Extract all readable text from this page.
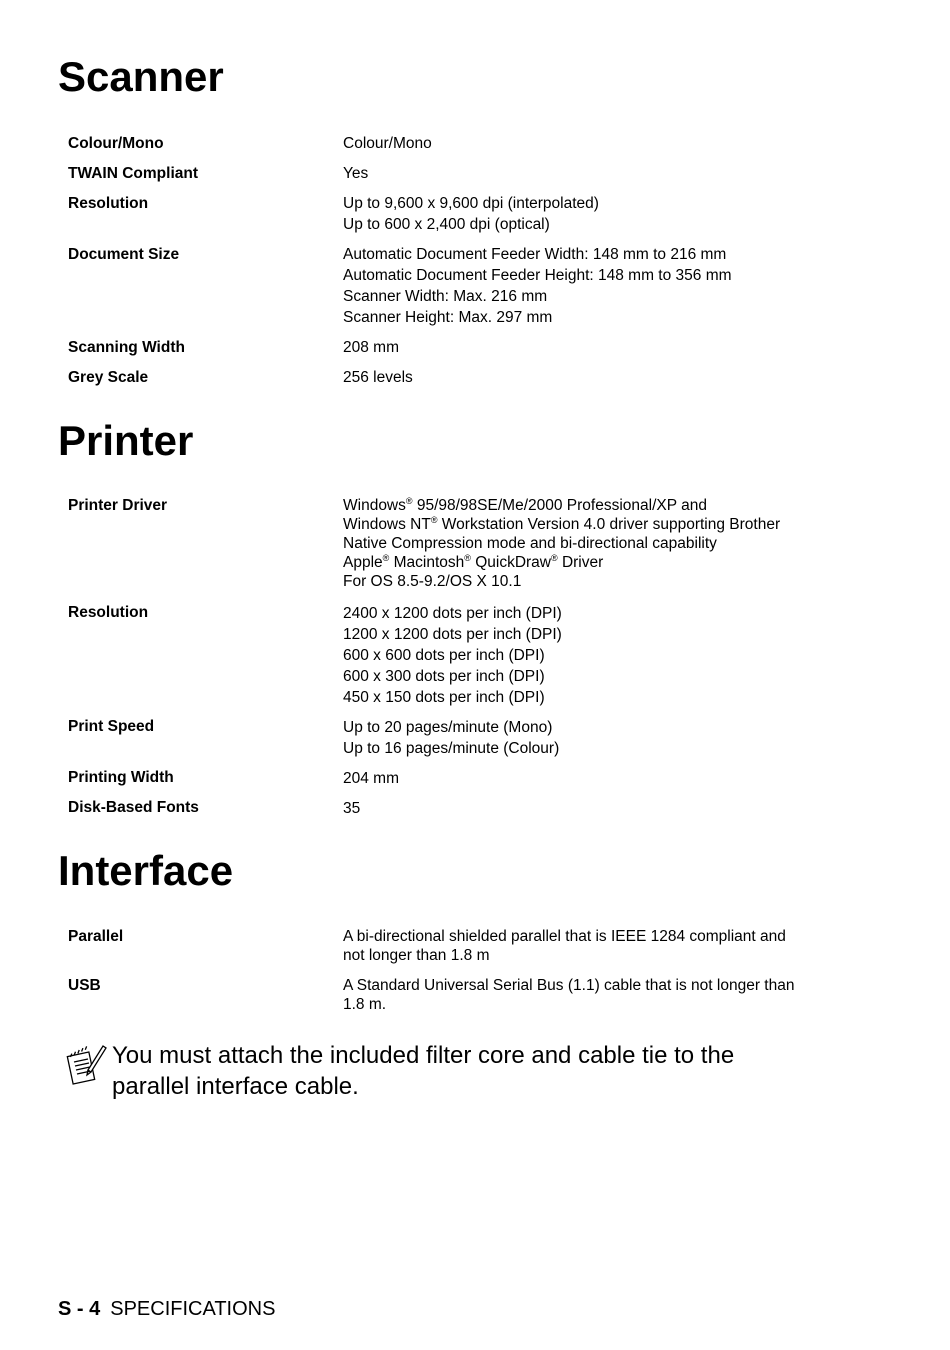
Scanner
Colour/Mono	Colour/Mono
TWAIN Compliant	Yes
Resolution	Up to 9,600 x 9,600 dpi (interpolated)
Up to 600 x 2,400 dpi (optical)
Document Size	Automatic Document Feeder Width: 148 mm to 216 mm
Automatic Document Feeder Height: 148 mm to 356 mm
Scanner Width: Max. 216 mm
Scanner Height: Max. 297 mm
Scanning Width	208 mm
Grey Scale	256 levels
Printer
Printer Driver	Windows® 95/98/98SE/Me/2000 Professional/XP and
Windows NT® Workstation Version 4.0 driver supporting Brother
Native Compression mode and bi-directional capability
Apple® Macintosh® QuickDraw® Driver
For OS 8.5-9.2/OS X 10.1
Resolution	2400 x 1200 dots per inch (DPI)
1200 x 1200 dots per inch (DPI)
600 x 600 dots per inch (DPI)
600 x 300 dots per inch (DPI)
450 x 150 dots per inch (DPI)
Print Speed	Up to 20 pages/minute (Mono)
Up to 16 pages/minute (Colour)
Printing Width	204 mm
Disk-Based Fonts	35
Interface
Parallel	A bi-directional shielded parallel that is IEEE 1284 compliant and
not longer than 1.8 m
USB	A Standard Universal Serial Bus (1.1) cable that is not longer than
1.8 m.
You must attach the included filter core and cable tie to the
parallel interface cable.
S - 4 SPECIFICATIONS
